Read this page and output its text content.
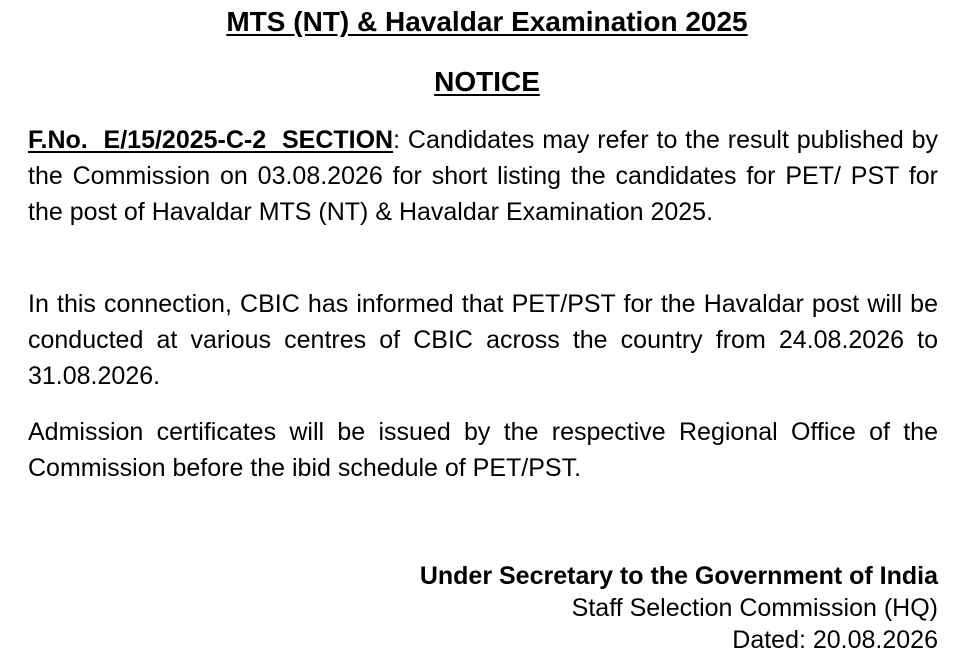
MTS (NT) & Havaldar Examination 2025
NOTICE

F.No. E/15/2025-C-2 SECTION: Candidates may refer to the result published by the Commission on 03.08.2026 for short listing the candidates for PET/ PST for the post of Havaldar MTS (NT) & Havaldar Examination 2025.

In this connection, CBIC has informed that PET/PST for the Havaldar post will be conducted at various centres of CBIC across the country from 24.08.2026 to 31.08.2026.

Admission certificates will be issued by the respective Regional Office of the Commission before the ibid schedule of PET/PST.

Under Secretary to the Government of India
Staff Selection Commission (HQ)
Dated: 20.08.2026
